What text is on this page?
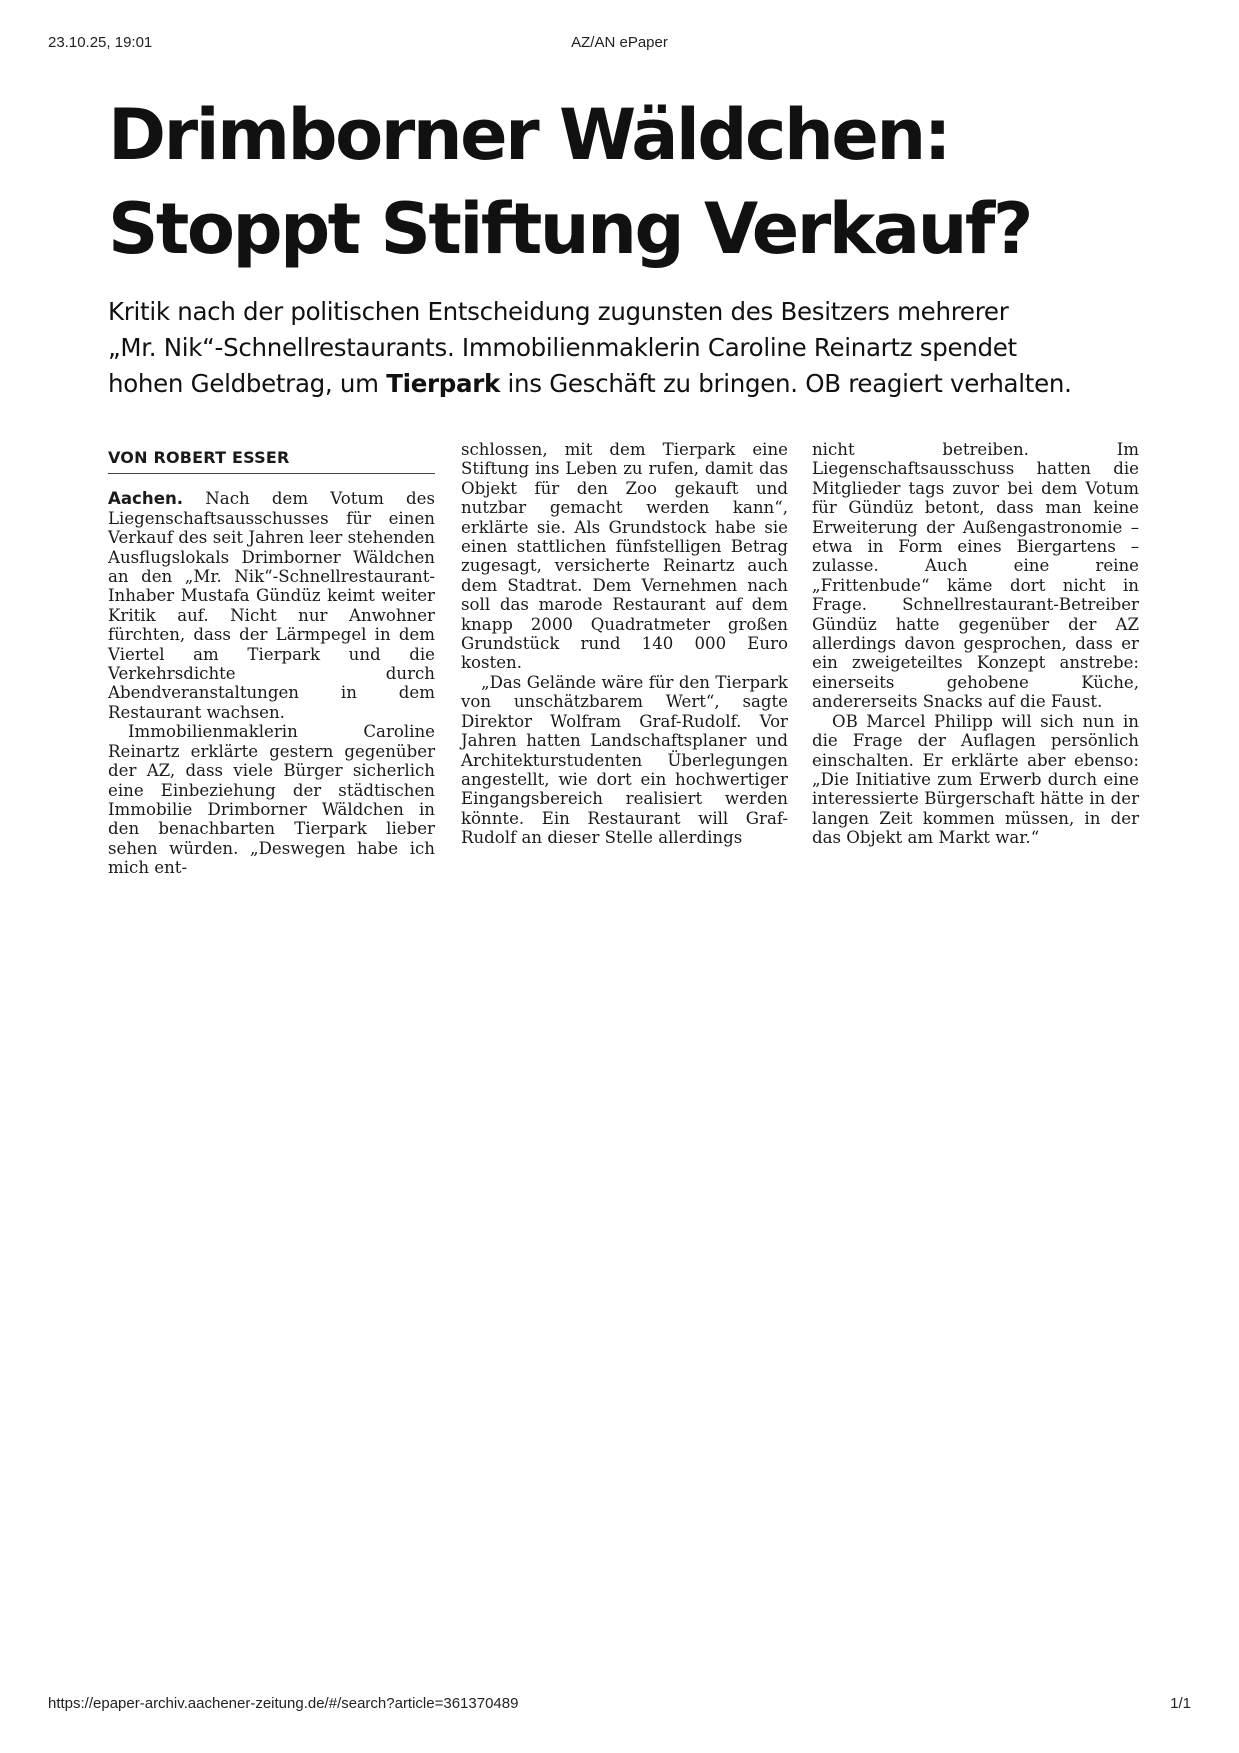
23.10.25, 19:01	AZ/AN ePaper
Drimborner Wäldchen:
Stoppt Stiftung Verkauf?
Kritik nach der politischen Entscheidung zugunsten des Besitzers mehrerer
„Mr. Nik“-Schnellrestaurants. Immobilienmaklerin Caroline Reinartz spendet
hohen Geldbetrag, um Tierpark ins Geschäft zu bringen. OB reagiert verhalten.
VON ROBERT ESSER

Aachen. Nach dem Votum des Liegenschaftsausschusses für einen Verkauf des seit Jahren leer stehenden Ausflugslokals Drimborner Wäldchen an den „Mr. Nik“-Schnellrestaurant-Inhaber Mustafa Gündüz keimt weiter Kritik auf. Nicht nur Anwohner fürchten, dass der Lärmpegel in dem Viertel am Tierpark und die Verkehrsdichte durch Abendveranstaltungen in dem Restaurant wachsen.

Immobilienmaklerin Caroline Reinartz erklärte gestern gegenüber der AZ, dass viele Bürger sicherlich eine Einbeziehung der städtischen Immobilie Drimborner Wäldchen in den benachbarten Tierpark lieber sehen würden. „Deswegen habe ich mich ent-

schlossen, mit dem Tierpark eine Stiftung ins Leben zu rufen, damit das Objekt für den Zoo gekauft und nutzbar gemacht werden kann“, erklärte sie. Als Grundstock habe sie einen stattlichen fünfstelligen Betrag zugesagt, versicherte Reinartz auch dem Stadtrat. Dem Vernehmen nach soll das marode Restaurant auf dem knapp 2000 Quadratmeter großen Grundstück rund 140 000 Euro kosten.

„Das Gelände wäre für den Tierpark von unschätzbarem Wert“, sagte Direktor Wolfram Graf-Rudolf. Vor Jahren hatten Landschaftsplaner und Architekturstudenten Überlegungen angestellt, wie dort ein hochwertiger Eingangsbereich realisiert werden könnte. Ein Restaurant will Graf-Rudolf an dieser Stelle allerdings

nicht betreiben. Im Liegenschaftsausschuss hatten die Mitglieder tags zuvor bei dem Votum für Gündüz betont, dass man keine Erweiterung der Außengastronomie – etwa in Form eines Biergartens – zulasse. Auch eine reine „Frittenbude“ käme dort nicht in Frage. Schnellrestaurant-Betreiber Gündüz hatte gegenüber der AZ allerdings davon gesprochen, dass er ein zweigeteiltes Konzept anstrebe: einerseits gehobene Küche, andererseits Snacks auf die Faust.

OB Marcel Philipp will sich nun in die Frage der Auflagen persönlich einschalten. Er erklärte aber ebenso: „Die Initiative zum Erwerb durch eine interessierte Bürgerschaft hätte in der langen Zeit kommen müssen, in der das Objekt am Markt war.“

https://epaper-archiv.aachener-zeitung.de/#/search?article=361370489	1/1
